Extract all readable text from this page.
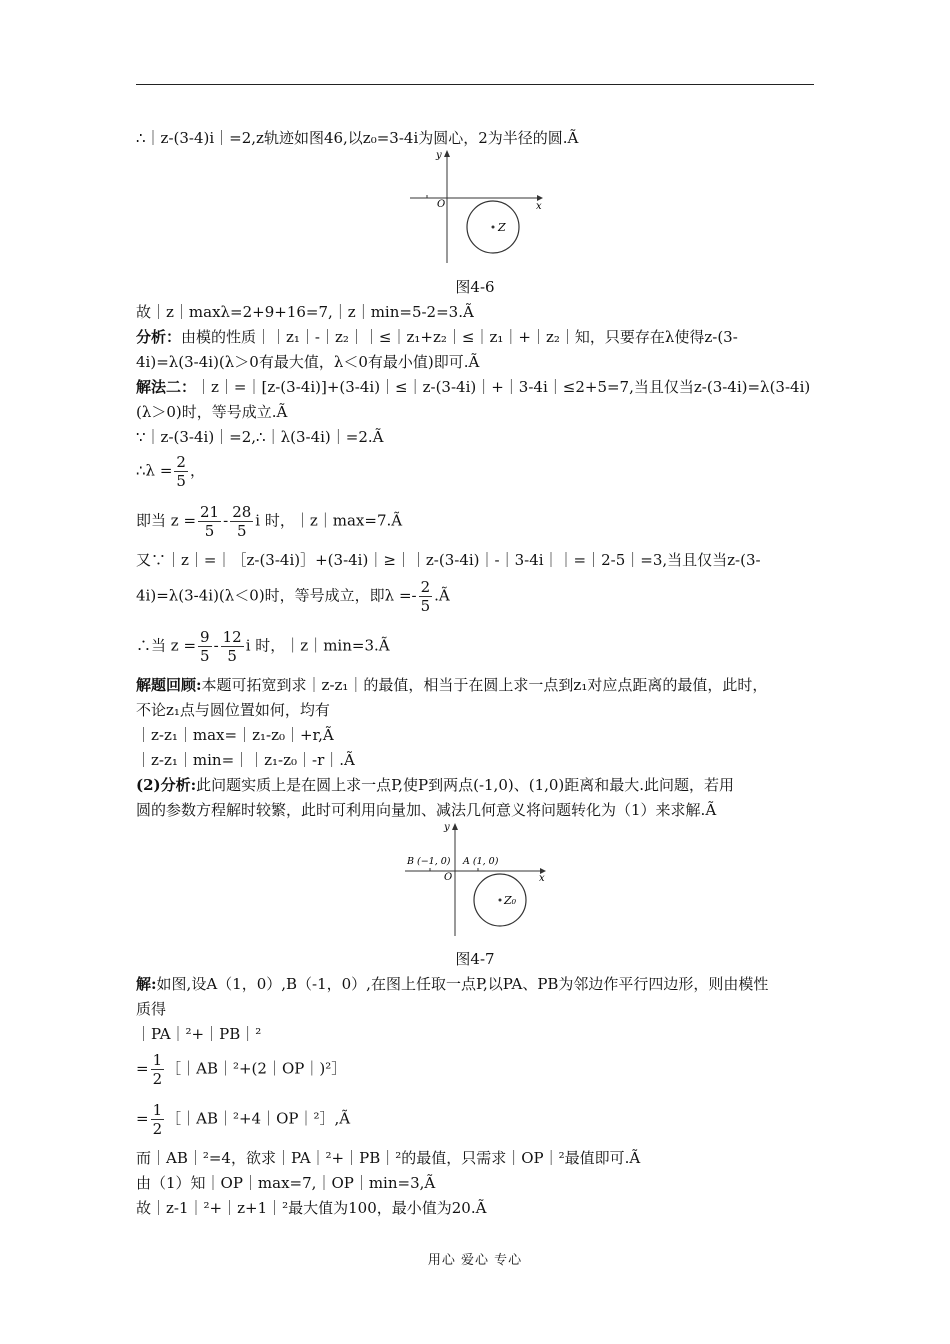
∴｜z-(3-4)i｜=2,z轨迹如图46,以z₀=3-4i为圆心，2为半径的圆.Ã
y
x
O
Z
图4-6
故｜z｜maxλ=2+9+16=7,｜z｜min=5-2=3.Ã
分析：由模的性质｜｜z₁｜-｜z₂｜｜≤｜z₁+z₂｜≤｜z₁｜+｜z₂｜知，只要存在λ使得z-(3-
4i)=λ(3-4i)(λ＞0有最大值，λ＜0有最小值)即可.Ã
解法二：｜z｜=｜[z-(3-4i)]+(3-4i)｜≤｜z-(3-4i)｜+｜3-4i｜≤2+5=7,当且仅当z-(3-4i)=λ(3-4i)
(λ＞0)时，等号成立.Ã
∵｜z-(3-4i)｜=2,∴｜λ(3-4i)｜=2.Ã
∴λ = $\frac{2}{5}$ ，
即当 $z = \frac{21}{5} - \frac{28}{5}$ i 时，｜z｜max=7.Ã
又∵｜z｜=｜［z-(3-4i)］+(3-4i)｜≥｜｜z-(3-4i)｜-｜3-4i｜｜=｜2-5｜=3,当且仅当z-(3-
4i)=λ(3-4i)(λ＜0)时，等号成立，即$\lambda =- \frac{2}{5}$ .Ã
∴当 $z = \frac{9}{5} - \frac{12}{5}$ i 时，｜z｜min=3.Ã
解题回顾:本题可拓宽到求｜z-z₁｜的最值，相当于在圆上求一点到z₁对应点距离的最值，此时，
不论z₁点与圆位置如何，均有
｜z-z₁｜max=｜z₁-z₀｜+r,Ã
｜z-z₁｜min=｜｜z₁-z₀｜-r｜.Ã
(2)分析:此问题实质上是在圆上求一点P,使P到两点(-1,0)、(1,0)距离和最大.此问题，若用
圆的参数方程解时较繁，此时可利用向量加、减法几何意义将问题转化为（1）来求解.Ã
y
x
O
B (−1, 0) A (1, 0)
Z₀
图4-7
解:如图,设A（1，0）,B（-1，0）,在图上任取一点P,以PA、PB为邻边作平行四边形，则由模性
质得
｜PA｜²+｜PB｜²
= $\frac{1}{2}$ ［｜AB｜²+(2｜OP｜)²］
= $\frac{1}{2}$ ［｜AB｜²+4｜OP｜²］,Ã
而｜AB｜²=4，欲求｜PA｜²+｜PB｜²的最值，只需求｜OP｜²最值即可.Ã
由（1）知｜OP｜max=7,｜OP｜min=3,Ã
故｜z-1｜²+｜z+1｜²最大值为100，最小值为20.Ã
用心 爱心 专心
